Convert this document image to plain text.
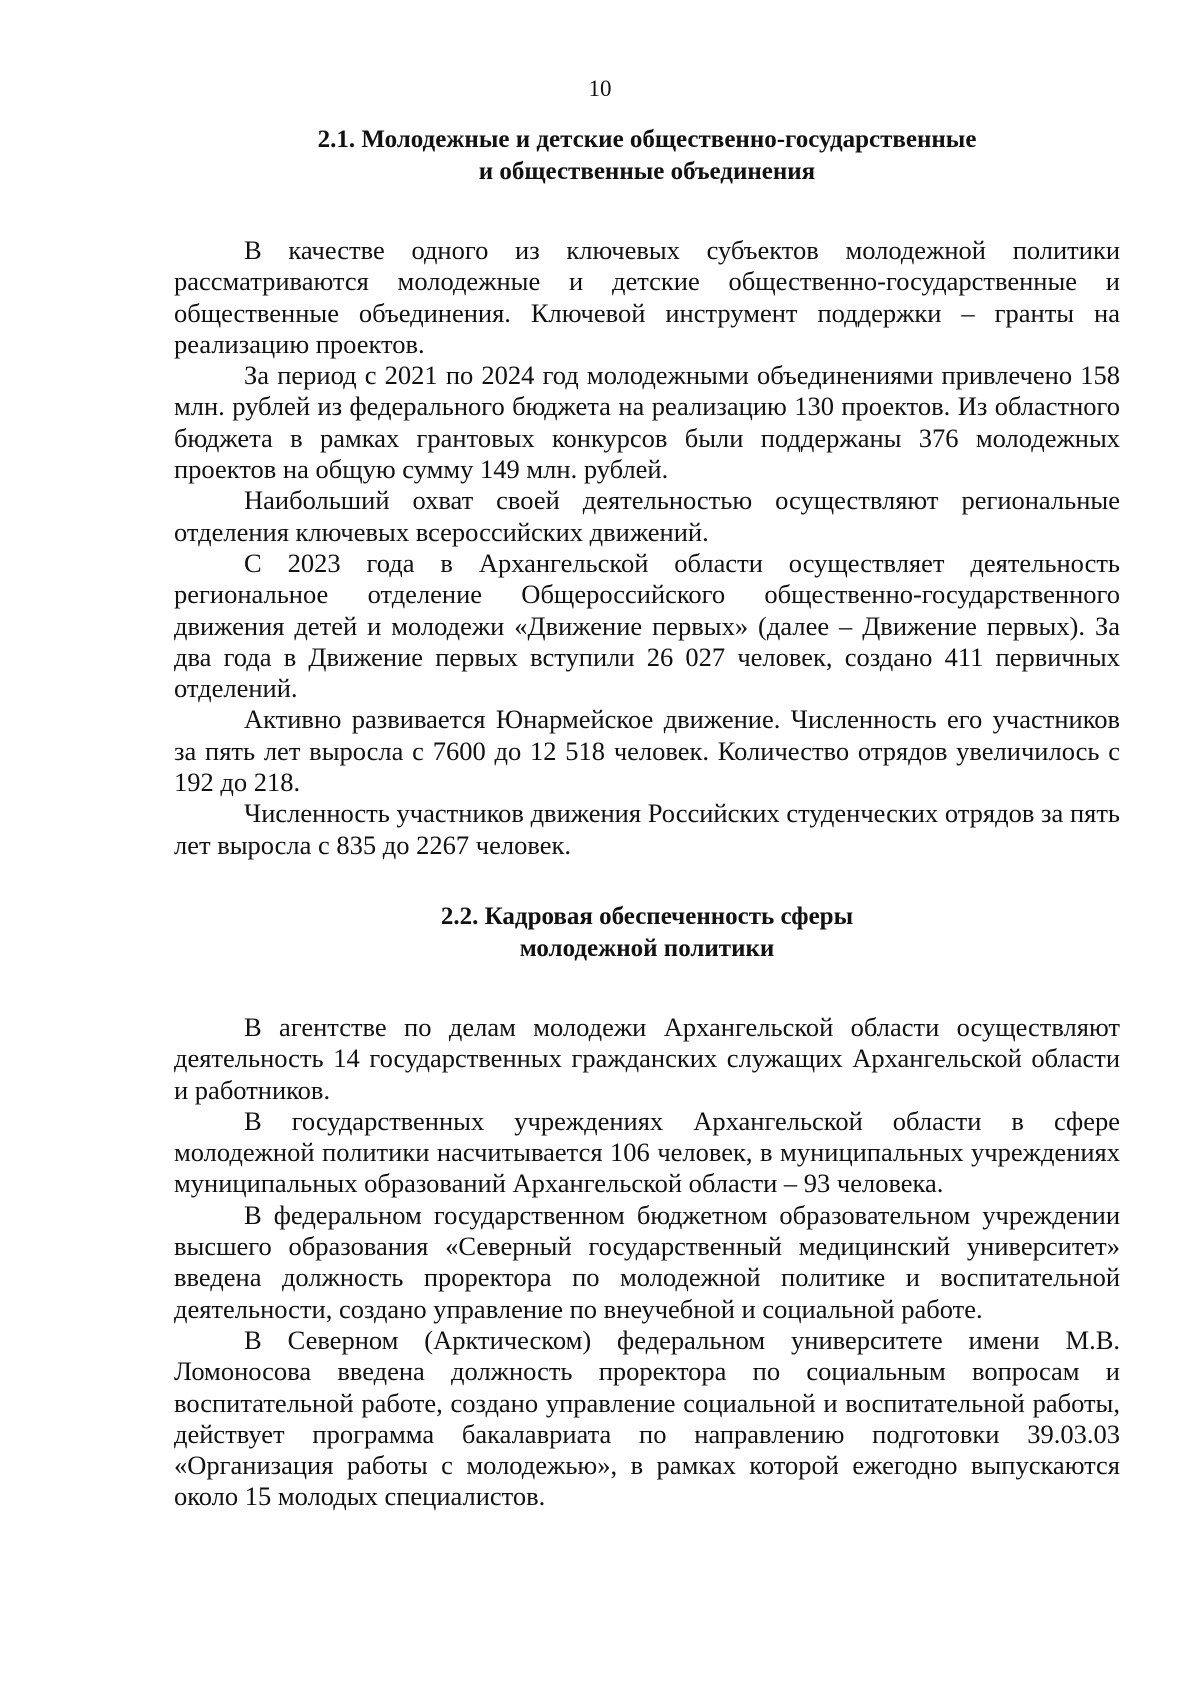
10
2.1. Молодежные и детские общественно-государственные
и общественные объединения

В качестве одного из ключевых субъектов молодежной политики рассматриваются молодежные и детские общественно-государственные и общественные объединения. Ключевой инструмент поддержки – гранты на реализацию проектов.

За период с 2021 по 2024 год молодежными объединениями привлечено 158 млн. рублей из федерального бюджета на реализацию 130 проектов. Из областного бюджета в рамках грантовых конкурсов были поддержаны 376 молодежных проектов на общую сумму 149 млн. рублей.

Наибольший охват своей деятельностью осуществляют региональные отделения ключевых всероссийских движений.

С 2023 года в Архангельской области осуществляет деятельность региональное отделение Общероссийского общественно-государственного движения детей и молодежи «Движение первых» (далее – Движение первых). За два года в Движение первых вступили 26 027 человек, создано 411 первичных отделений.

Активно развивается Юнармейское движение. Численность его участников за пять лет выросла с 7600 до 12 518 человек. Количество отрядов увеличилось с 192 до 218.

Численность участников движения Российских студенческих отрядов за пять лет выросла с 835 до 2267 человек.

2.2. Кадровая обеспеченность сферы
молодежной политики

В агентстве по делам молодежи Архангельской области осуществляют деятельность 14 государственных гражданских служащих Архангельской области и работников.

В государственных учреждениях Архангельской области в сфере молодежной политики насчитывается 106 человек, в муниципальных учреждениях муниципальных образований Архангельской области – 93 человека.

В федеральном государственном бюджетном образовательном учреждении высшего образования «Северный государственный медицинский университет» введена должность проректора по молодежной политике и воспитательной деятельности, создано управление по внеучебной и социальной работе.

В Северном (Арктическом) федеральном университете имени М.В. Ломоносова введена должность проректора по социальным вопросам и воспитательной работе, создано управление социальной и воспитательной работы, действует программа бакалавриата по направлению подготовки 39.03.03 «Организация работы с молодежью», в рамках которой ежегодно выпускаются около 15 молодых специалистов.
